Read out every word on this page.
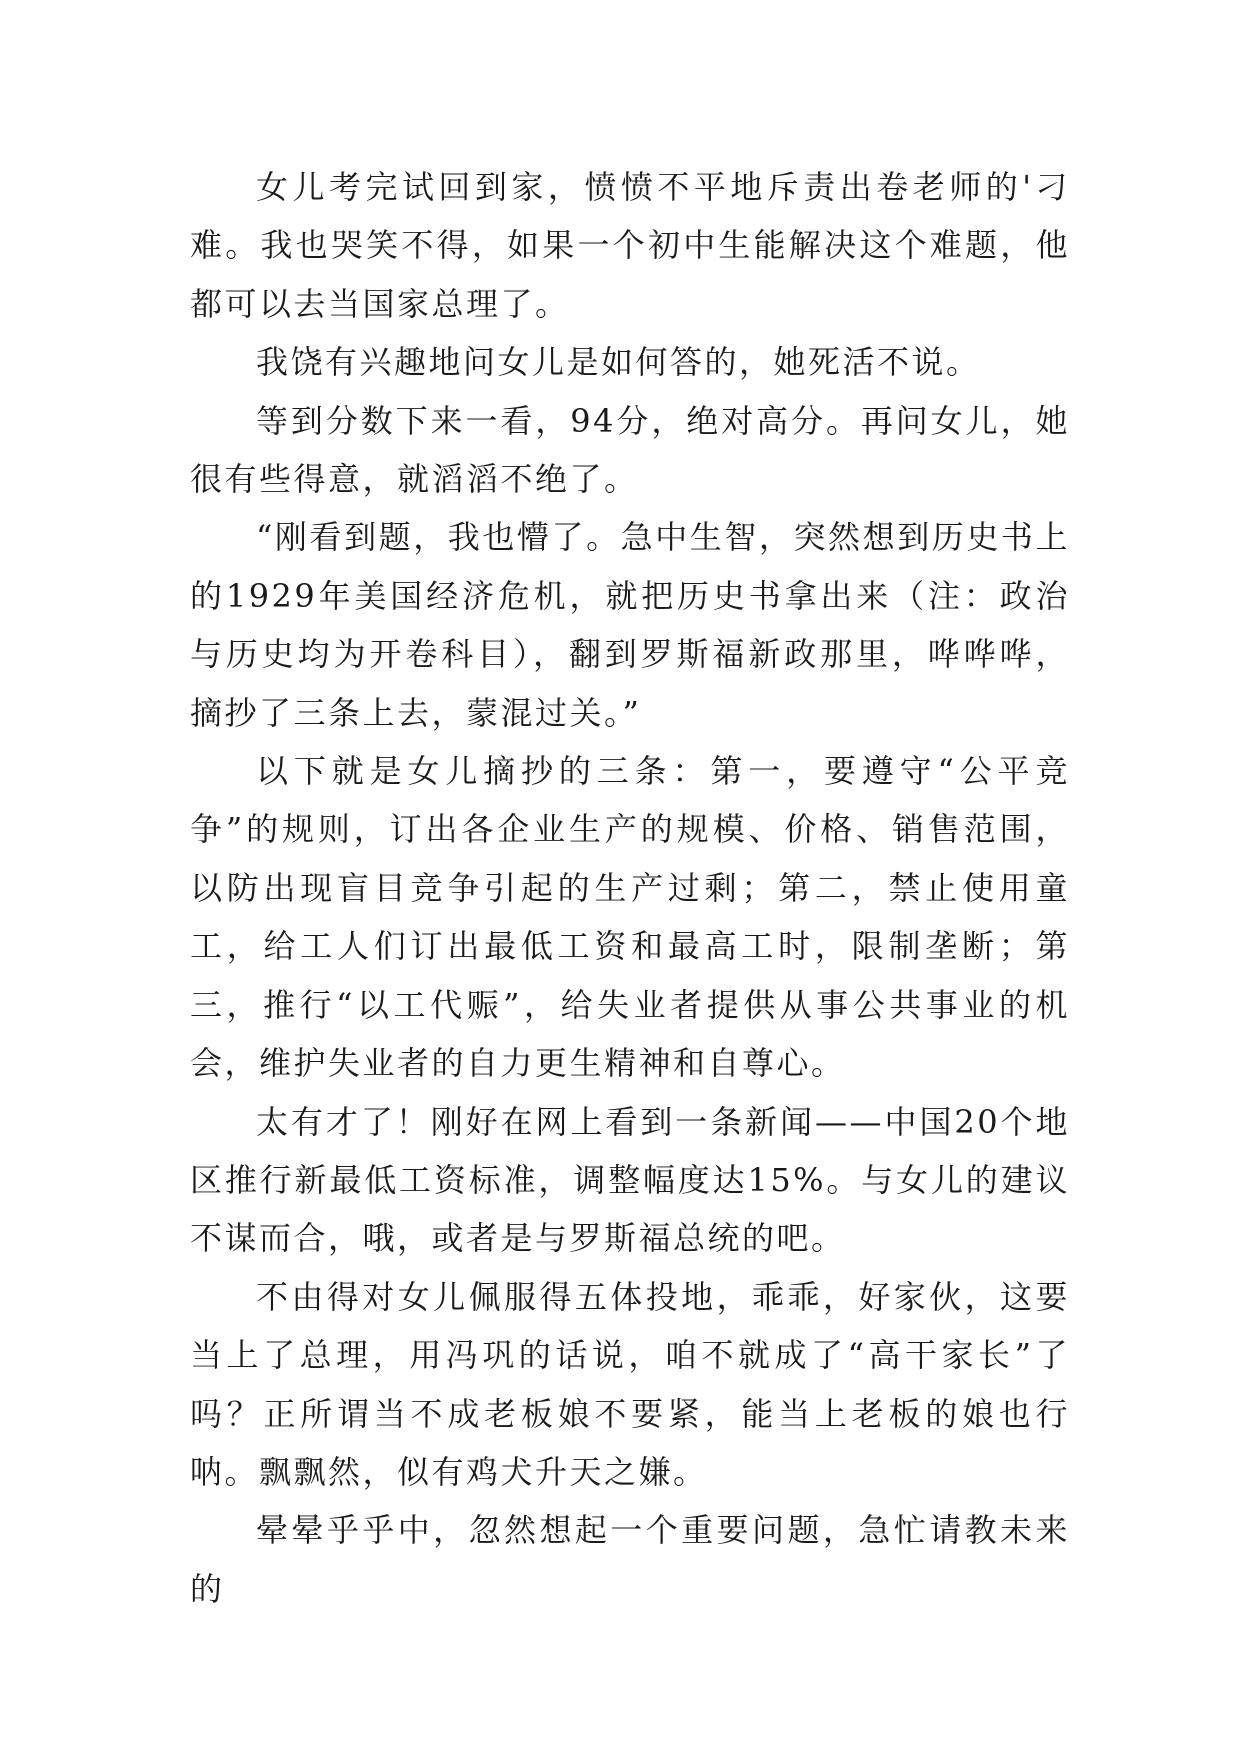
女儿考完试回到家，愤愤不平地斥责出卷老师的'刁难。我也哭笑不得，如果一个初中生能解决这个难题，他都可以去当国家总理了。

我饶有兴趣地问女儿是如何答的，她死活不说。

等到分数下来一看，94分，绝对高分。再问女儿，她很有些得意，就滔滔不绝了。

“刚看到题，我也懵了。急中生智，突然想到历史书上的1929年美国经济危机，就把历史书拿出来（注：政治与历史均为开卷科目），翻到罗斯福新政那里，哗哗哗，摘抄了三条上去，蒙混过关。”

以下就是女儿摘抄的三条：第一，要遵守“公平竞争”的规则，订出各企业生产的规模、价格、销售范围，以防出现盲目竞争引起的生产过剩；第二，禁止使用童工，给工人们订出最低工资和最高工时，限制垄断；第三，推行“以工代赈”，给失业者提供从事公共事业的机会，维护失业者的自力更生精神和自尊心。

太有才了！刚好在网上看到一条新闻——中国20个地区推行新最低工资标准，调整幅度达15%。与女儿的建议不谋而合，哦，或者是与罗斯福总统的吧。

不由得对女儿佩服得五体投地，乖乖，好家伙，这要当上了总理，用冯巩的话说，咱不就成了“高干家长”了吗？正所谓当不成老板娘不要紧，能当上老板的娘也行呐。飘飘然，似有鸡犬升天之嫌。

晕晕乎乎中，忽然想起一个重要问题，急忙请教未来的
